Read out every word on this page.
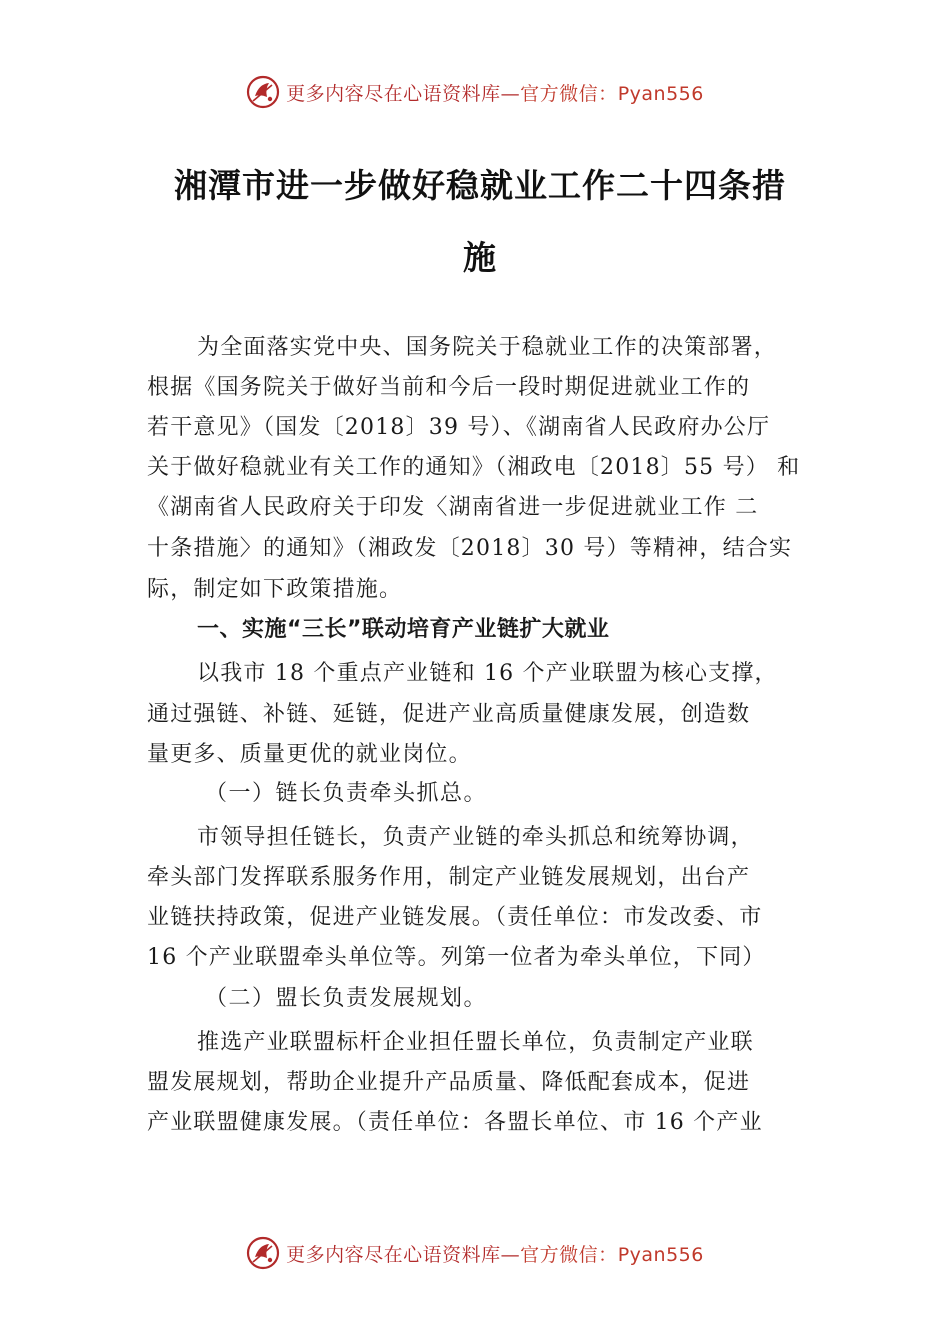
更多内容尽在心语资料库—官方微信：Pyan556
湘潭市进一步做好稳就业工作二十四条措
施
为全面落实党中央、国务院关于稳就业工作的决策部署，
根据《国务院关于做好当前和今后一段时期促进就业工作的
若干意见》（国发〔2018〕39 号）、《湖南省人民政府办公厅
关于做好稳就业有关工作的通知》（湘政电〔2018〕55 号） 和
《湖南省人民政府关于印发〈湖南省进一步促进就业工作 二
十条措施〉的通知》（湘政发〔2018〕30 号）等精神，结合实
际，制定如下政策措施。
一、实施“三长”联动培育产业链扩大就业
以我市 18 个重点产业链和 16 个产业联盟为核心支撑，
通过强链、补链、延链，促进产业高质量健康发展，创造数
量更多、质量更优的就业岗位。
（一）链长负责牵头抓总。
市领导担任链长，负责产业链的牵头抓总和统筹协调，
牵头部门发挥联系服务作用，制定产业链发展规划，出台产
业链扶持政策，促进产业链发展。（责任单位：市发改委、市
16 个产业联盟牵头单位等。列第一位者为牵头单位，下同）
（二）盟长负责发展规划。
推选产业联盟标杆企业担任盟长单位，负责制定产业联
盟发展规划，帮助企业提升产品质量、降低配套成本，促进
产业联盟健康发展。（责任单位：各盟长单位、市 16 个产业
更多内容尽在心语资料库—官方微信：Pyan556
